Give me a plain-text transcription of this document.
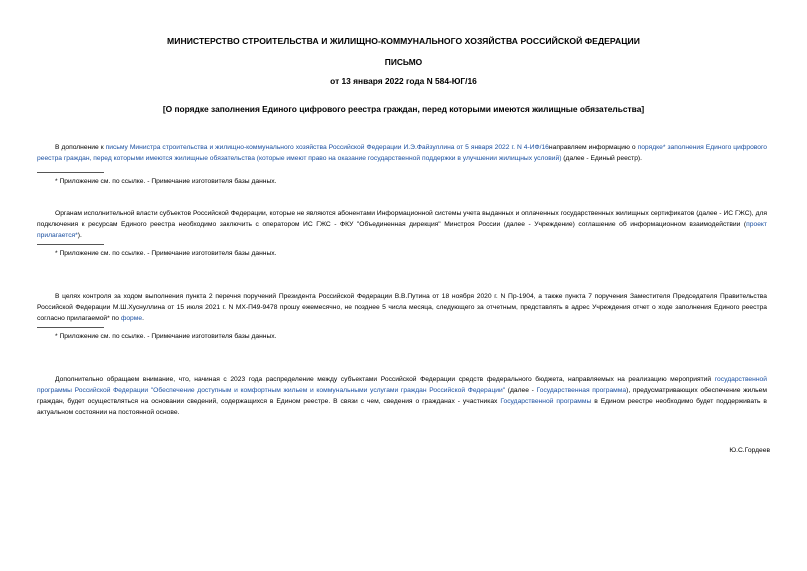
МИНИСТЕРСТВО СТРОИТЕЛЬСТВА И ЖИЛИЩНО-КОММУНАЛЬНОГО ХОЗЯЙСТВА РОССИЙСКОЙ ФЕДЕРАЦИИ
ПИСЬМО
от 13 января 2022 года N 584-ЮГ/16
[О порядке заполнения Единого цифрового реестра граждан, перед которыми имеются жилищные обязательства]
В дополнение к письму Министра строительства и жилищно-коммунального хозяйства Российской Федерации И.Э.Файзуллина от 5 января 2022 г. N 4-ИФ/16направляем информацию о порядке* заполнения Единого цифрового реестра граждан, перед которыми имеются жилищные обязательства (которые имеют право на оказание государственной поддержки в улучшении жилищных условий) (далее - Единый реестр).
* Приложение см. по ссылке. - Примечание изготовителя базы данных.
Органам исполнительной власти субъектов Российской Федерации, которые не являются абонентами Информационной системы учета выданных и оплаченных государственных жилищных сертификатов (далее - ИС ГЖС), для подключения к ресурсам Единого реестра необходимо заключить с оператором ИС ГЖС - ФКУ "Объединенная дирекция" Минстроя России (далее - Учреждение) соглашение об информационном взаимодействии (проект прилагается*).
* Приложение см. по ссылке. - Примечание изготовителя базы данных.
В целях контроля за ходом выполнения пункта 2 перечня поручений Президента Российской Федерации В.В.Путина от 18 ноября 2020 г. N Пр-1904, а также пункта 7 поручения Заместителя Председателя Правительства Российской Федерации М.Ш.Хуснуллина от 15 июля 2021 г. N МХ-П49-9478 прошу ежемесячно, не позднее 5 числа месяца, следующего за отчетным, представлять в адрес Учреждения отчет о ходе заполнения Единого реестра согласно прилагаемой* по форме.
* Приложение см. по ссылке. - Примечание изготовителя базы данных.
Дополнительно обращаем внимание, что, начиная с 2023 года распределение между субъектами Российской Федерации средств федерального бюджета, направляемых на реализацию мероприятий государственной программы Российской Федерации "Обеспечение доступным и комфортным жильем и коммунальными услугами граждан Российской Федерации" (далее - Государственная программа), предусматривающих обеспечение жильем граждан, будет осуществляться на основании сведений, содержащихся в Едином реестре. В связи с чем, сведения о гражданах - участниках Государственной программы в Едином реестре необходимо будет поддерживать в актуальном состоянии на постоянной основе.
Ю.С.Гордеев
